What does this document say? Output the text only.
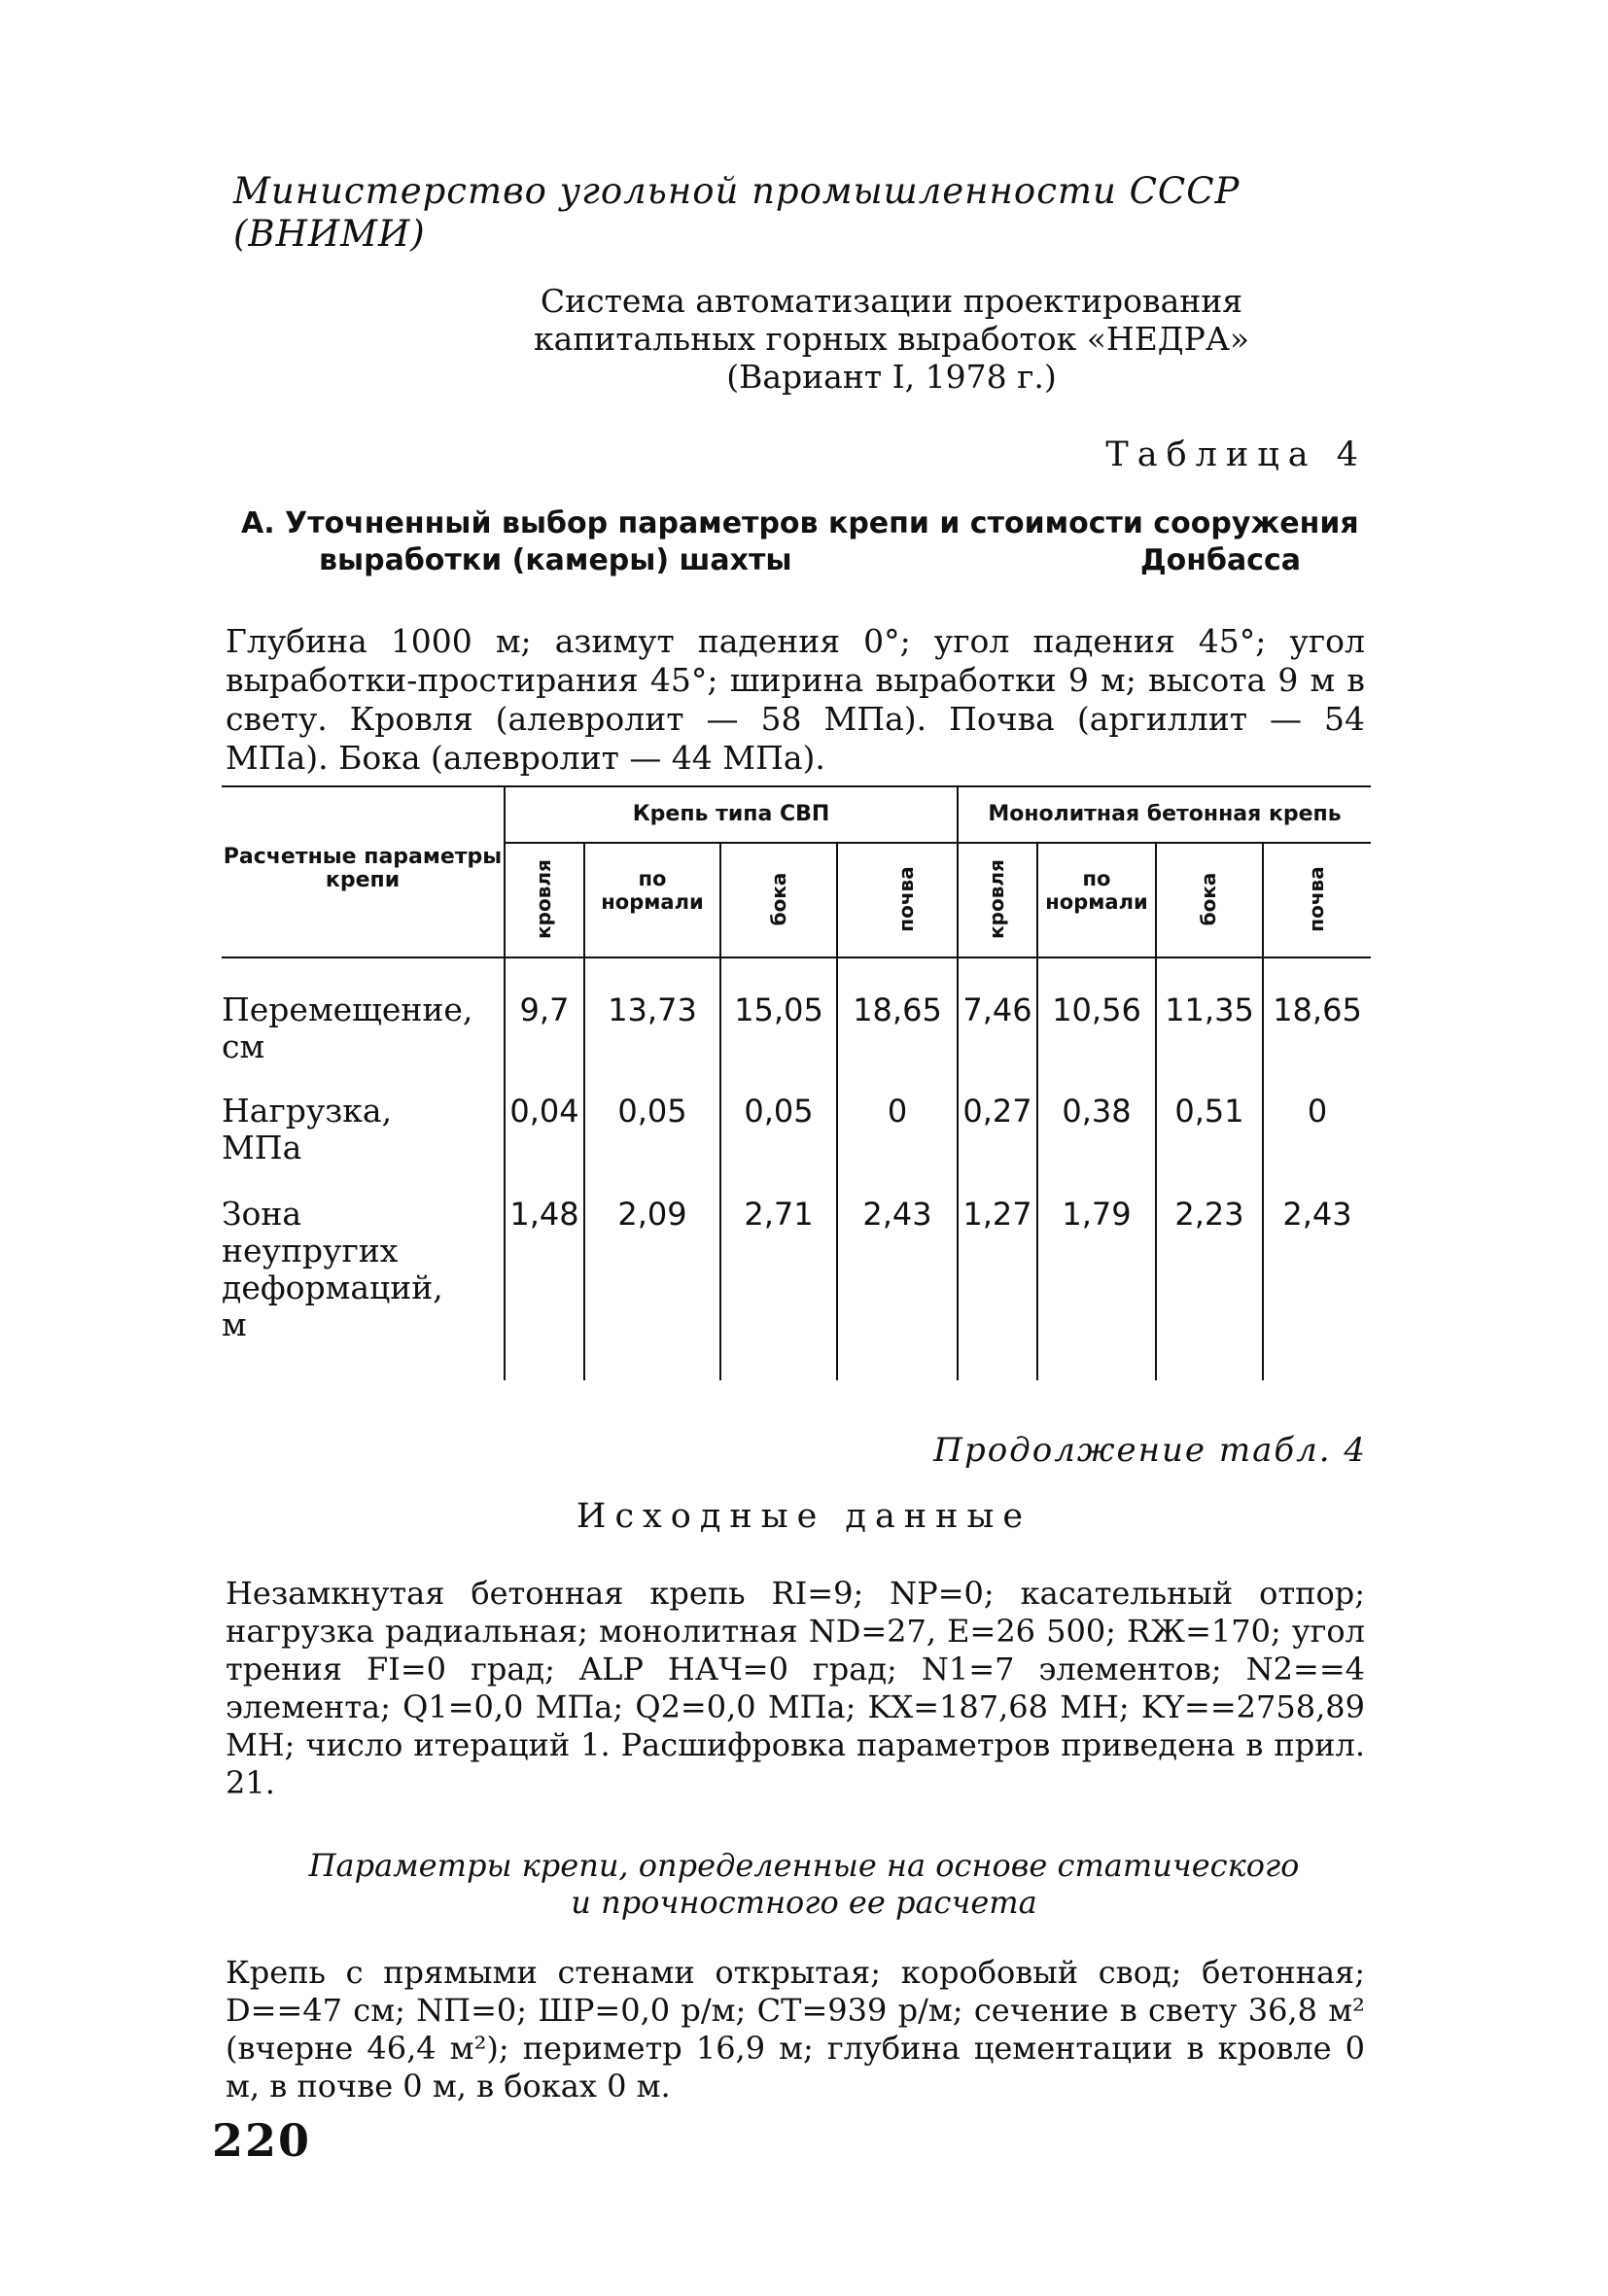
Министерство угольной промышленности СССР
(ВНИМИ)
Система автоматизации проектирования
капитальных горных выработок «НЕДРА»
(Вариант I, 1978 г.)
Таблица 4
А. Уточненный выбор параметров крепи и стоимости сооружения
выработки (камеры) шахты	Донбасса
Глубина 1000 м; азимут падения 0°; угол падения 45°; угол выработки-простирания 45°; ширина выработки 9 м; высота 9 м в свету. Кровля (алевролит — 58 МПа). Почва (аргиллит — 54 МПа). Бока (алевролит — 44 МПа).
Расчетные параметры крепи
Крепь типа СВП	Монолитная бетонная крепь
кровля	по нормали	бока	почва	кровля	по нормали	бока	почва
Перемещение, см
9,7	13,73	15,05 18,65 7,46 10,56 11,35 18,65
Нагрузка, МПа
0,04	0,05	0,05	0	0,27 0,38	0,51	0
Зона неупругих деформаций, м
1,48	2,09	2,71	2,43 1,27 1,79	2,23	2,43
Продолжение табл. 4
Исходные данные
Незамкнутая бетонная крепь RI=9; NP=0; касательный отпор; нагрузка радиальная; монолитная ND=27, E=26 500; RЖ=170; угол трения FI=0 град; ALP НАЧ=0 град; N1=7 элементов; N2==4 элемента; Q1=0,0 МПа; Q2=0,0 МПа; KX=187,68 МН; KY==2758,89 МН; число итераций 1. Расшифровка параметров приведена в прил. 21.
Параметры крепи, определенные на основе статического
и прочностного ее расчета
Крепь с прямыми стенами открытая; коробовый свод; бетонная; D==47 см; NП=0; ШР=0,0 р/м; СТ=939 р/м; сечение в свету 36,8 м² (вчерне 46,4 м²); периметр 16,9 м; глубина цементации в кровле 0 м, в почве 0 м, в боках 0 м.
220
